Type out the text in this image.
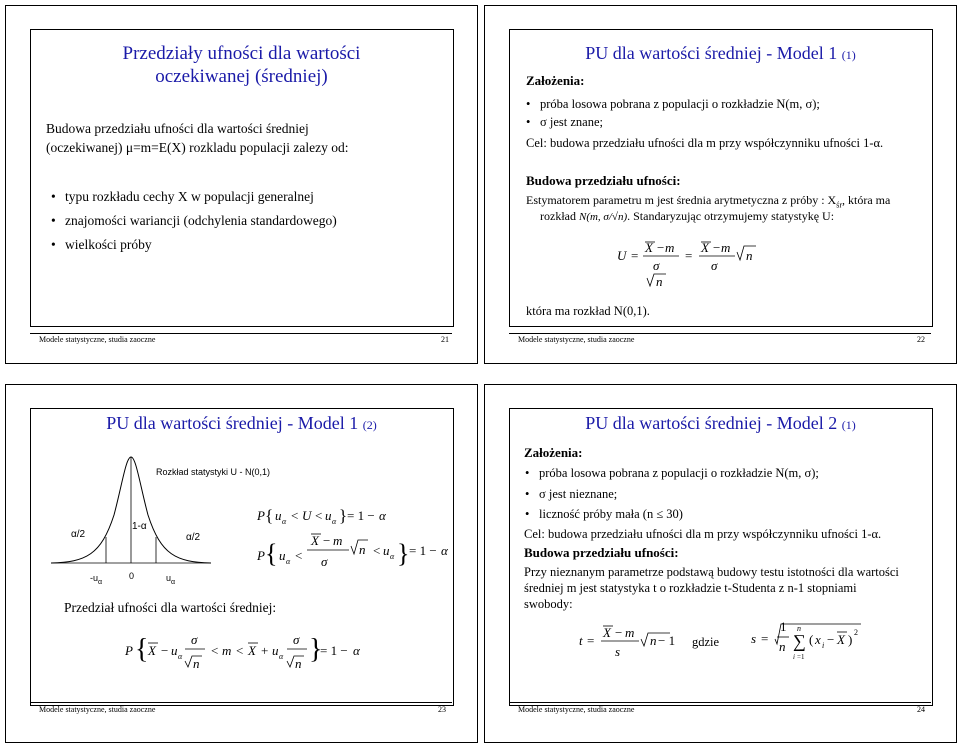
Przedziały ufności dla wartości
oczekiwanej (średniej)
Budowa przedziału ufności dla wartości średniej
(oczekiwanej) μ=m=E(X) rozkladu populacji zalezy od:
• typu rozkładu cechy X w populacji generalnej
• znajomości wariancji (odchylenia standardowego)
• wielkości próby
Modele statystyczne, studia zaoczne	21
PU dla wartości średniej - Model 1 (1)
Założenia:
• próba losowa pobrana z populacji o rozkładzie N(m, σ);
• σ jest znane;
Cel: budowa przedziału ufności dla m przy współczynniku ufności 1-α.
Budowa przedziału ufności:
Estymatorem parametru m jest średnia arytmetyczna z próby : $X_{śr}$, która ma
rozkład N(m, σ/√n). Standaryzując otrzymujemy statystykę U:
U =
X − m
σ
n
=
X − m
σ
n
która ma rozkład N(0,1).
Modele statystyczne, studia zaoczne	22
PU dla wartości średniej - Model 1 (2)
Rozkład statystyki U - N(0,1)
1-α
α/2	α/2
$-u_\alpha$
0	$u_\alpha$
P { u α < U < u α } = 1 − α
P { u α <
X − m
σ
n < u α } = 1 − α
Przedział ufności dla wartości średniej:
P { X − u α
σ
n
< m < X + u α
σ
n }
= 1 − α
Modele statystyczne, studia zaoczne	23
PU dla wartości średniej - Model 2 (1)
Założenia:
• próba losowa pobrana z populacji o rozkładzie N(m, σ);
• σ jest nieznane;
• liczność próby mała (n ≤ 30)
Cel: budowa przedziału ufności dla m przy współczynniku ufności 1-α.
Budowa przedziału ufności:
Przy nieznanym parametrze podstawą budowy testu istotności dla wartości
średniej m jest statystyka t o rozkładzie t-Studenta z n-1 stopniami
swobody:
t =
X − m
s
n − 1 gdzie s =
1
n
n
∑
i =1
( x i − X ) 2
Modele statystyczne, studia zaoczne	24
